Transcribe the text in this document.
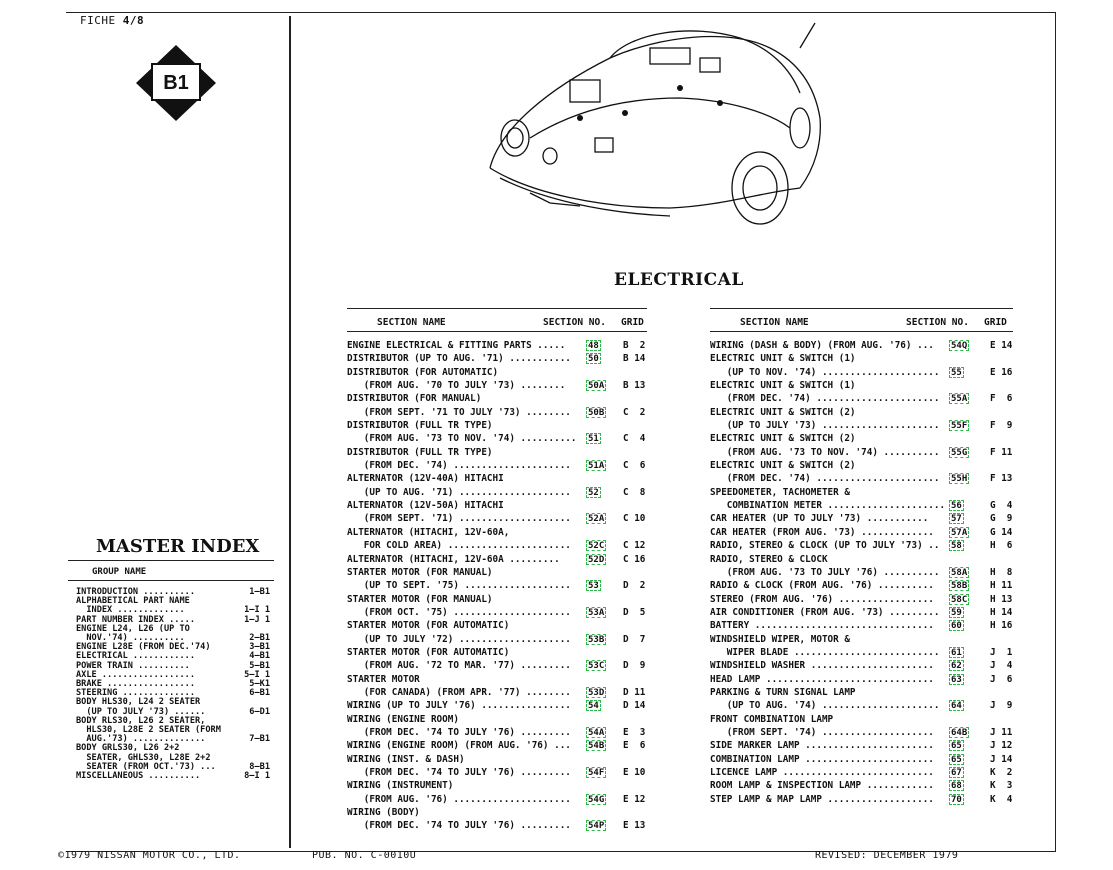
FICHE 4/8
B1
MASTER INDEX
GROUP NAME
INTRODUCTION ..........	1—B1
ALPHABETICAL PART NAME
INDEX .............	1—I 1
PART NUMBER INDEX .....	1—J 1
ENGINE L24, L26 (UP TO
NOV.'74) ..........	2—B1
ENGINE L28E (FROM DEC.'74)	3—B1
ELECTRICAL ............	4—B1
POWER TRAIN ..........	5—B1
AXLE ..................	5—I 1
BRAKE .................	5—K1
STEERING ..............	6—B1
BODY HLS30, L24 2 SEATER
(UP TO JULY '73) ......	6—D1
BODY RLS30, L26 2 SEATER,
HLS30, L28E 2 SEATER (FORM
AUG.'73) ..............	7—B1
BODY GRLS30, L26 2+2
SEATER, GHLS30, L28E 2+2
SEATER (FROM OCT.'73) ...	8—B1
MISCELLANEOUS ..........	8—I 1
ELECTRICAL
SECTION NAME	SECTION NO. GRID
ENGINE ELECTRICAL & FITTING PARTS .....	48	B  2
DISTRIBUTOR (UP TO AUG. '71) ........... 50	B 14
DISTRIBUTOR (FOR AUTOMATIC)
(FROM AUG. '70 TO JULY '73) ........	50A B 13
DISTRIBUTOR (FOR MANUAL)
(FROM SEPT. '71 TO JULY '73) ........ 50B C  2
DISTRIBUTOR (FULL TR TYPE)
(FROM AUG. '73 TO NOV. '74) .......... 51	C  4
DISTRIBUTOR (FULL TR TYPE)
(FROM DEC. '74) ..................... 51A C  6
ALTERNATOR (12V-40A) HITACHI
(UP TO AUG. '71) .................... 52	C  8
ALTERNATOR (12V-50A) HITACHI
(FROM SEPT. '71) .................... 52A C 10
ALTERNATOR (HITACHI, 12V-60A,
FOR COLD AREA) ...................... 52C C 12
ALTERNATOR (HITACHI, 12V-60A .........	52D C 16
STARTER MOTOR (FOR MANUAL)
(UP TO SEPT. '75) ................... 53	D  2
STARTER MOTOR (FOR MANUAL)
(FROM OCT. '75) ..................... 53A D  5
STARTER MOTOR (FOR AUTOMATIC)
(UP TO JULY '72) .................... 53B D  7
STARTER MOTOR (FOR AUTOMATIC)
(FROM AUG. '72 TO MAR. '77) ......... 53C D  9
STARTER MOTOR
(FOR CANADA) (FROM APR. '77) ........ 53D D 11
WIRING (UP TO JULY '76) ................ 54	D 14
WIRING (ENGINE ROOM)
(FROM DEC. '74 TO JULY '76) ......... 54A E  3
WIRING (ENGINE ROOM) (FROM AUG. '76) ... 54B E  6
WIRING (INST. & DASH)
(FROM DEC. '74 TO JULY '76) ......... 54F E 10
WIRING (INSTRUMENT)
(FROM AUG. '76) ..................... 54G E 12
WIRING (BODY)
(FROM DEC. '74 TO JULY '76) ......... 54P E 13
SECTION NAME	SECTION NO. GRID
WIRING (DASH & BODY) (FROM AUG. '76) ... 54Q E 14
ELECTRIC UNIT & SWITCH (1)
(UP TO NOV. '74) ..................... 55	E 16
ELECTRIC UNIT & SWITCH (1)
(FROM DEC. '74) ...................... 55A F  6
ELECTRIC UNIT & SWITCH (2)
(UP TO JULY '73) ..................... 55F F  9
ELECTRIC UNIT & SWITCH (2)
(FROM AUG. '73 TO NOV. '74) .......... 55G F 11
ELECTRIC UNIT & SWITCH (2)
(FROM DEC. '74) ...................... 55H F 13
SPEEDOMETER, TACHOMETER &
COMBINATION METER ..................... 56	G  4
CAR HEATER (UP TO JULY '73) ...........	57	G  9
CAR HEATER (FROM AUG. '73) ............. 57A G 14
RADIO, STEREO & CLOCK (UP TO JULY '73) .. 58	H  6
RADIO, STEREO & CLOCK
(FROM AUG. '73 TO JULY '76) .......... 58A H  8
RADIO & CLOCK (FROM AUG. '76) .......... 58B H 11
STEREO (FROM AUG. '76) ................. 58C H 13
AIR CONDITIONER (FROM AUG. '73) ......... 59	H 14
BATTERY ................................ 60	H 16
WINDSHIELD WIPER, MOTOR &
WIPER BLADE .......................... 61	J  1
WINDSHIELD WASHER ...................... 62	J  4
HEAD LAMP .............................. 63	J  6
PARKING & TURN SIGNAL LAMP
(UP TO AUG. '74) ..................... 64	J  9
FRONT COMBINATION LAMP
(FROM SEPT. '74) .................... 64B J 11
SIDE MARKER LAMP ....................... 65	J 12
COMBINATION LAMP ....................... 65	J 14
LICENCE LAMP ........................... 67	K  2
ROOM LAMP & INSPECTION LAMP ............ 68	K  3
STEP LAMP & MAP LAMP ................... 70	K  4
©1979 NISSAN MOTOR CO., LTD.	PUB. NO. C-0010U	REVISED: DECEMBER 1979
